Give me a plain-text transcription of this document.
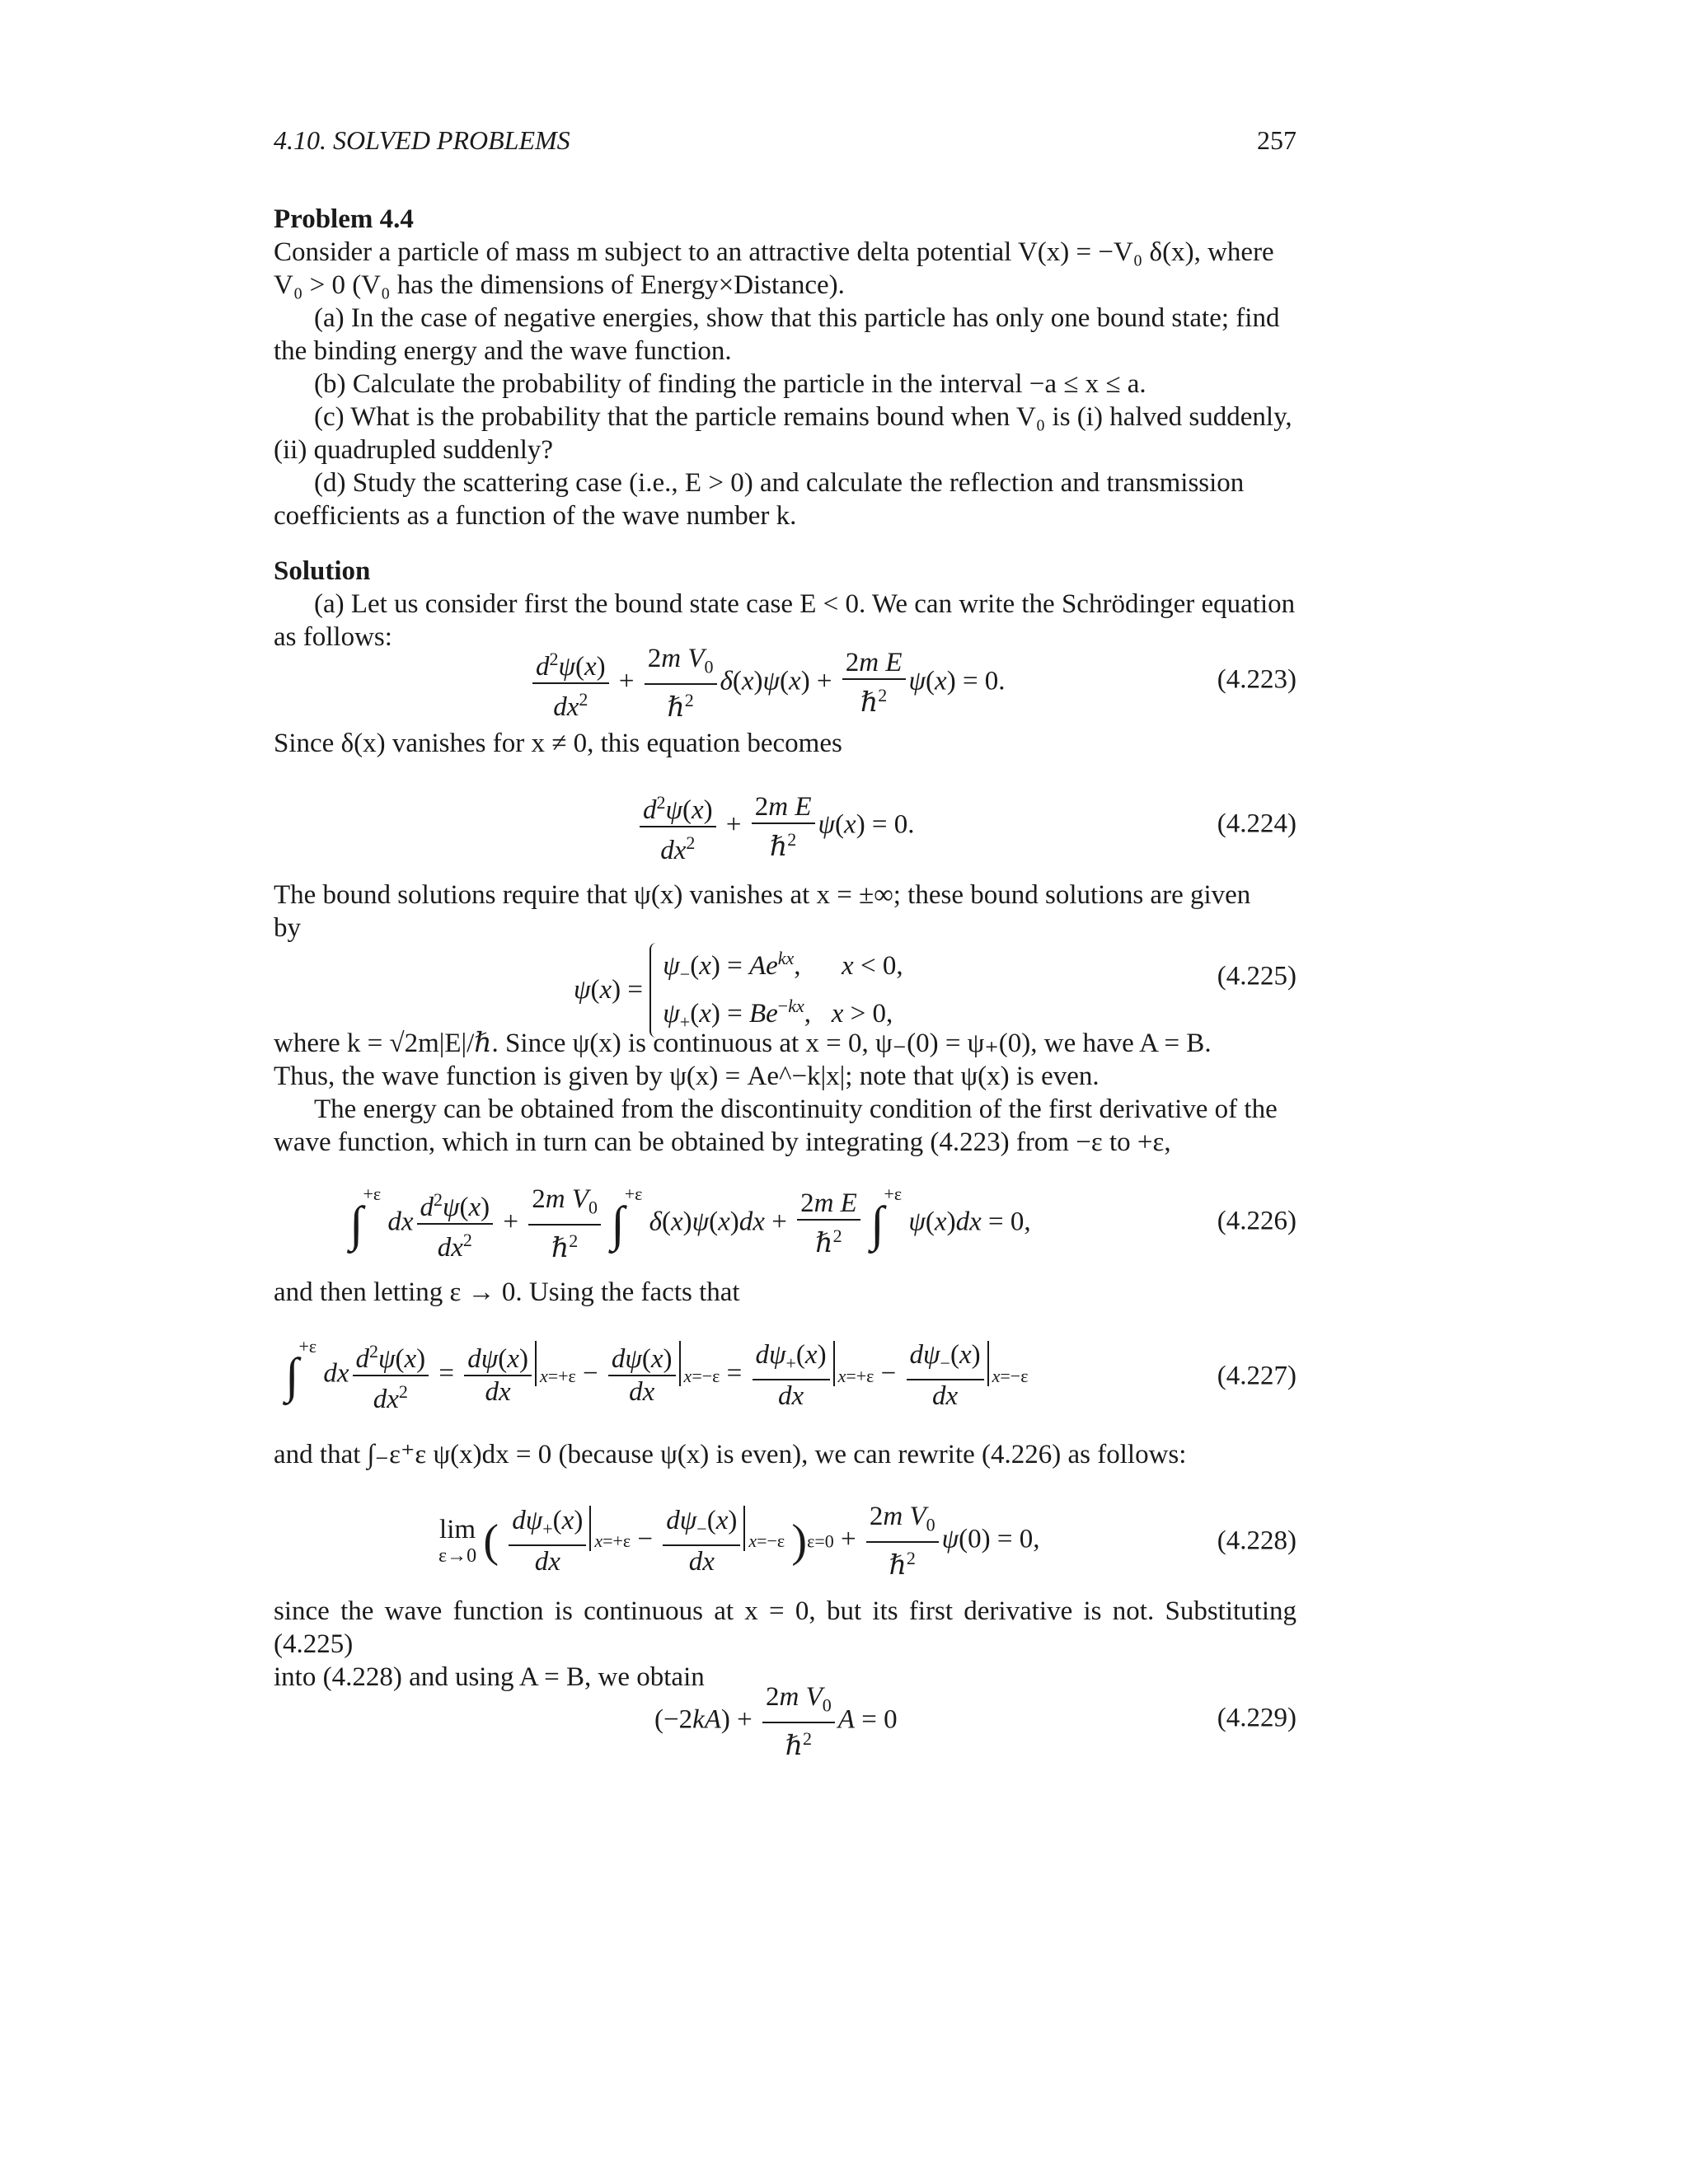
4.10. SOLVED PROBLEMS	257

Problem 4.4

Consider a particle of mass m subject to an attractive delta potential V(x) = −V₀ δ(x), where

V₀ > 0 (V₀ has the dimensions of Energy×Distance).

(a) In the case of negative energies, show that this particle has only one bound state; find

the binding energy and the wave function.

(b) Calculate the probability of finding the particle in the interval −a ≤ x ≤ a.

(c) What is the probability that the particle remains bound when V₀ is (i) halved suddenly,

(ii) quadrupled suddenly?

(d) Study the scattering case (i.e., E > 0) and calculate the reflection and transmission

coefficients as a function of the wave number k.

Solution

(a) Let us consider first the bound state case E < 0. We can write the Schrödinger equation

as follows:

$\frac{d^2\psi(x)}{dx^2} + \frac{2m V_0}{\hbar^2} \delta(x)\psi(x) + \frac{\text{2m E}}{\hbar^2} \psi(x) = 0$.	(4.223)

Since δ(x) vanishes for x ≠ 0, this equation becomes

$\frac{d^2\psi(x)}{dx^2} + \frac{\text{2m E}}{\hbar^2} \psi(x) = 0$.	(4.224)

The bound solutions require that ψ(x) vanishes at x = ±∞; these bound solutions are given

by

$\psi(x) = \psi_-(x) = Ae^{kx}$,      x < 0,
$\psi_+(x) = Be^{-kx}$,   x > 0,
(4.225)

where k = √2m|E|/ℏ. Since ψ(x) is continuous at x = 0, ψ₋(0) = ψ₊(0), we have A = B.

Thus, the wave function is given by ψ(x) = Ae^−k|x|; note that ψ(x) is even.

The energy can be obtained from the discontinuity condition of the first derivative of the

wave function, which in turn can be obtained by integrating (4.223) from −ε to +ε,

∫$^{+\varepsilon}$ dx $\frac{d^2\psi(x)}{dx^2} + \frac{2m V_0}{\hbar^2} \int^{+\varepsilon}$ $\delta(x)\psi(x)dx + \frac{\text{2m E}}{\hbar^2} \int^{+\varepsilon}$ ψ(x)dx = 0,	(4.226)

and then letting ε → 0. Using the facts that

∫$^{+\varepsilon}$ dx $\frac{d^2\psi(x)}{dx^2} = \frac{d\psi(x)}{dx} x=+\varepsilon - \frac{d\psi(x)}{dx} x=-\varepsilon = \frac{d\psi_+(x)}{dx} x=+\varepsilon - \frac{d\psi_-(x)}{dx} x=-\varepsilon$	(4.227)

and that ∫₋ε⁺ε ψ(x)dx = 0 (because ψ(x) is even), we can rewrite (4.226) as follows:

lim
ε→0 ( $\frac{d\psi_+(x)}{dx} x=+\varepsilon - \frac{d\psi_-(x)}{dx} x=-\varepsilon$ )$\varepsilon=0 + \frac{2m V_0}{\hbar^2} \psi(0) = 0$,	(4.228)

since the wave function is continuous at x = 0, but its first derivative is not. Substituting (4.225)

into (4.228) and using A = B, we obtain

$(-2kA) + \frac{2m V_0}{\hbar^2}$ A = 0	(4.229)
